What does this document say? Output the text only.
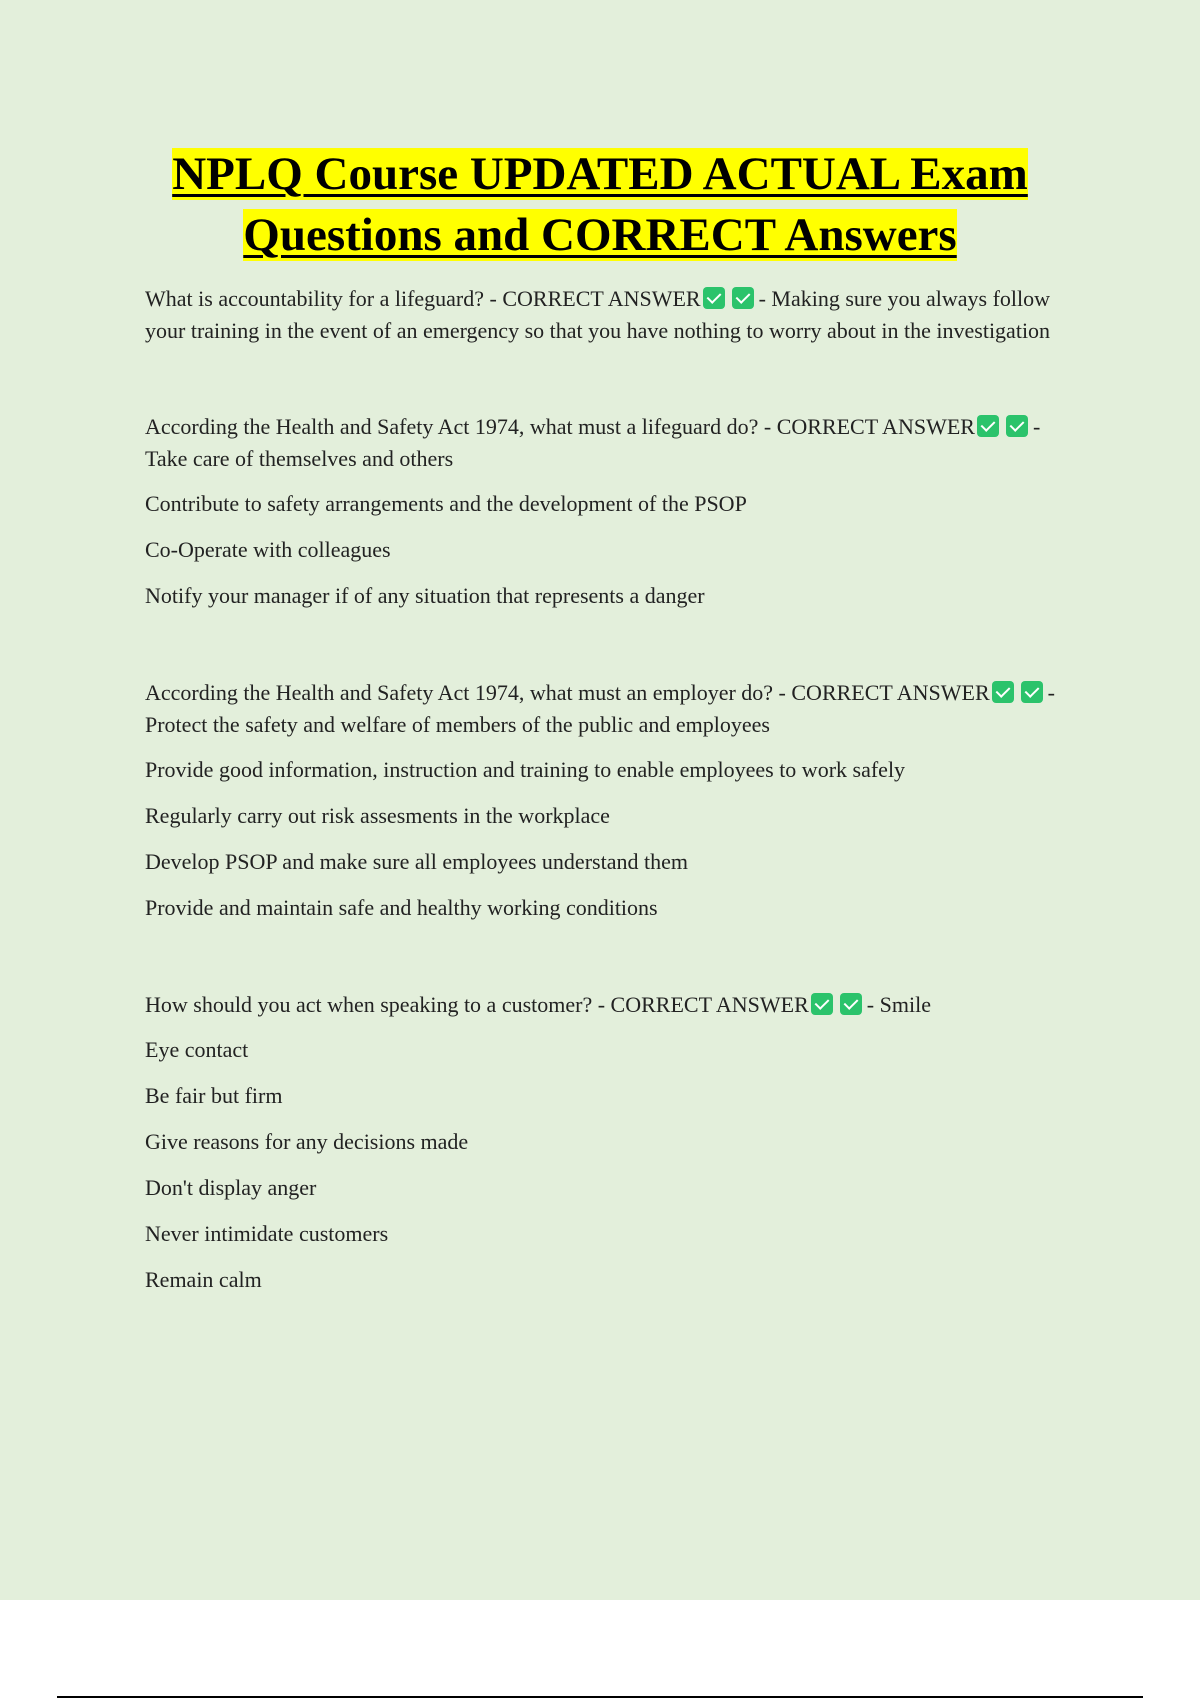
NPLQ Course UPDATED ACTUAL Exam
Questions and CORRECT Answers

What is accountability for a lifeguard? - CORRECT ANSWER	- Making sure you always follow your training in the event of an emergency so that you have nothing to worry about in the investigation

According the Health and Safety Act 1974, what must a lifeguard do? - CORRECT ANSWER	- Take care of themselves and others

Contribute to safety arrangements and the development of the PSOP

Co-Operate with colleagues

Notify your manager if of any situation that represents a danger

According the Health and Safety Act 1974, what must an employer do? - CORRECT ANSWER	- Protect the safety and welfare of members of the public and employees

Provide good information, instruction and training to enable employees to work safely

Regularly carry out risk assesments in the workplace

Develop PSOP and make sure all employees understand them

Provide and maintain safe and healthy working conditions

How should you act when speaking to a customer? - CORRECT ANSWER	- Smile

Eye contact

Be fair but firm

Give reasons for any decisions made

Don't display anger

Never intimidate customers

Remain calm
